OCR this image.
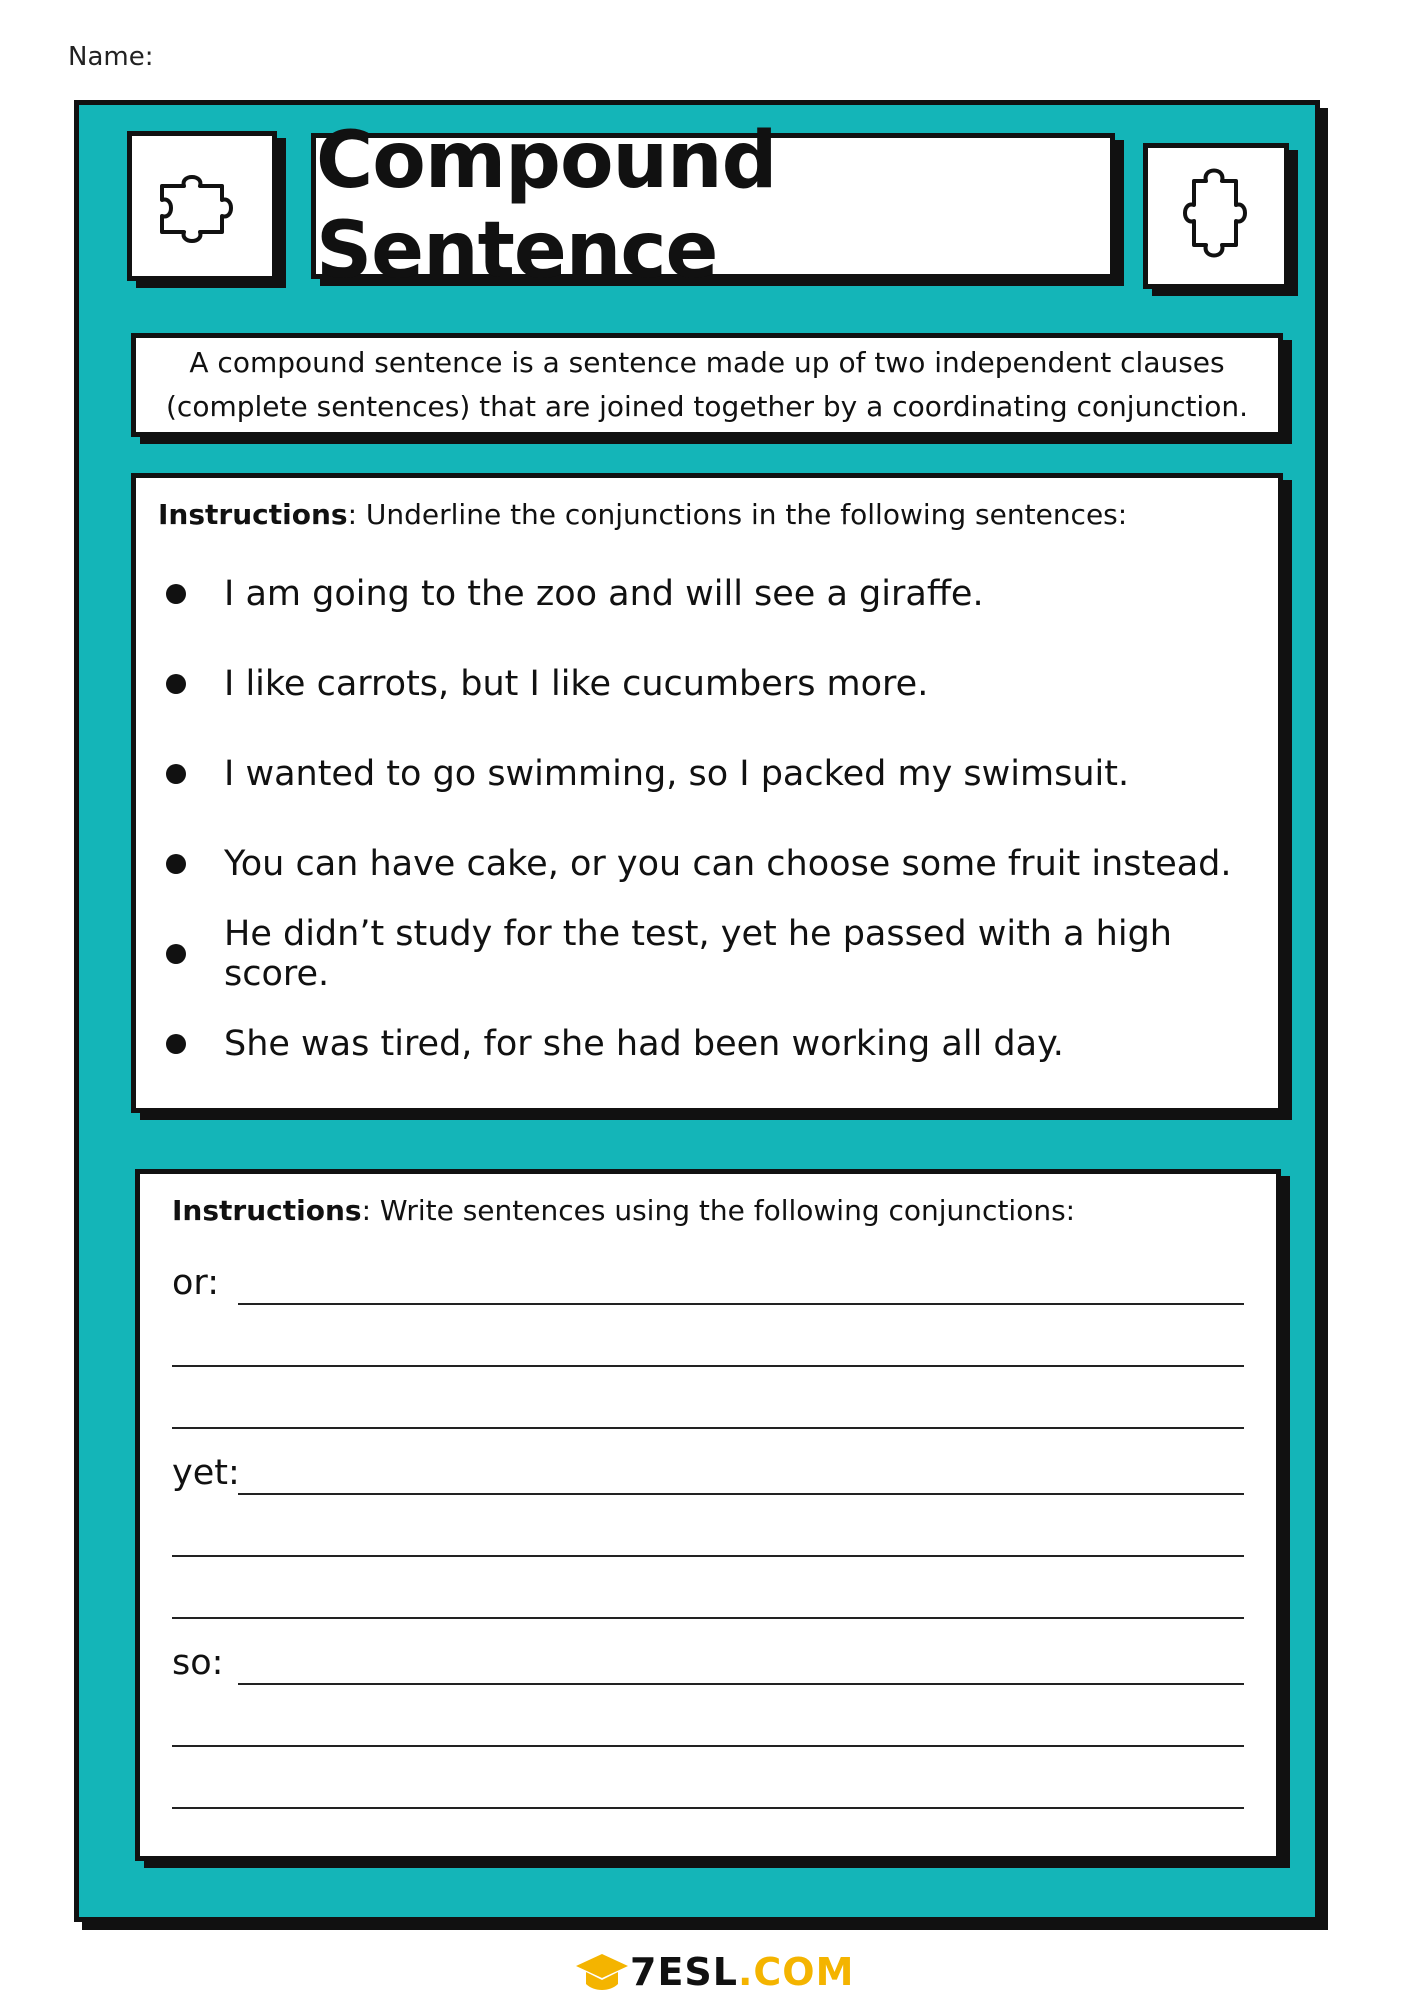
Name:
Compound Sentence
A compound sentence is a sentence made up of two independent clauses (complete sentences) that are joined together by a coordinating conjunction.

Instructions: Underline the conjunctions in the following sentences:

I am going to the zoo and will see a giraffe.
I like carrots, but I like cucumbers more.
I wanted to go swimming, so I packed my swimsuit.
You can have cake, or you can choose some fruit instead.
He didn’t study for the test, yet he passed with a high score.
She was tired, for she had been working all day.

Instructions: Write sentences using the following conjunctions:

or:
yet:
so:
7ESL.COM
